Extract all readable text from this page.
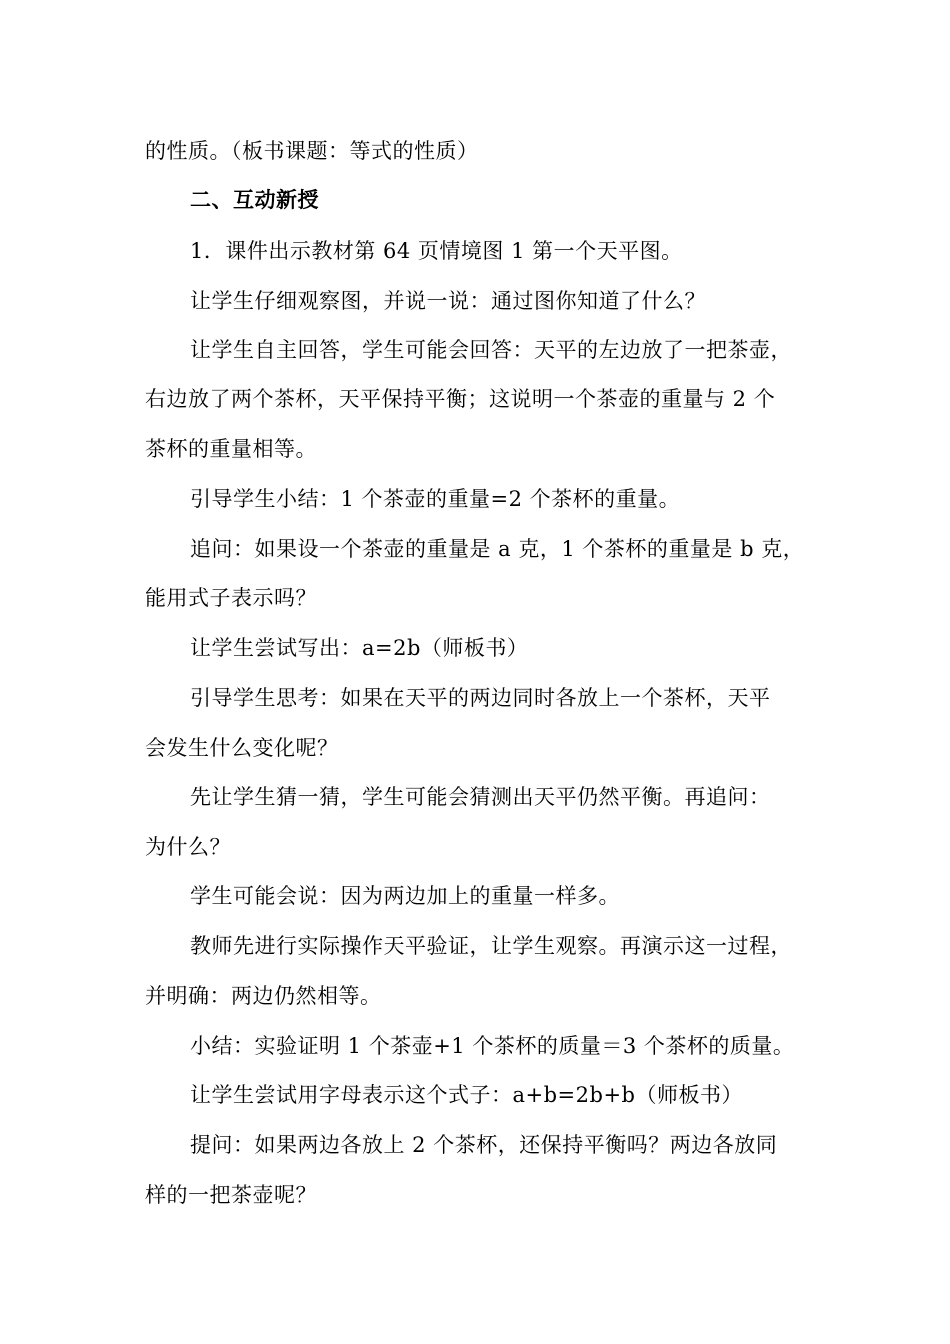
的性质。（板书课题：等式的性质）
二、互动新授
1．课件出示教材第 64 页情境图 1 第一个天平图。
让学生仔细观察图，并说一说：通过图你知道了什么？
让学生自主回答，学生可能会回答：天平的左边放了一把茶壶，
右边放了两个茶杯，天平保持平衡；这说明一个茶壶的重量与 2 个
茶杯的重量相等。
引导学生小结：1 个茶壶的重量=2 个茶杯的重量。
追问：如果设一个茶壶的重量是 a 克，1 个茶杯的重量是 b 克，
能用式子表示吗？
让学生尝试写出：a=2b（师板书）
引导学生思考：如果在天平的两边同时各放上一个茶杯，天平
会发生什么变化呢？
先让学生猜一猜，学生可能会猜测出天平仍然平衡。再追问：
为什么？
学生可能会说：因为两边加上的重量一样多。
教师先进行实际操作天平验证，让学生观察。再演示这一过程，
并明确：两边仍然相等。
小结：实验证明 1 个茶壶+1 个茶杯的质量＝3 个茶杯的质量。
让学生尝试用字母表示这个式子：a+b=2b+b（师板书）
提问：如果两边各放上 2 个茶杯，还保持平衡吗？两边各放同
样的一把茶壶呢？
